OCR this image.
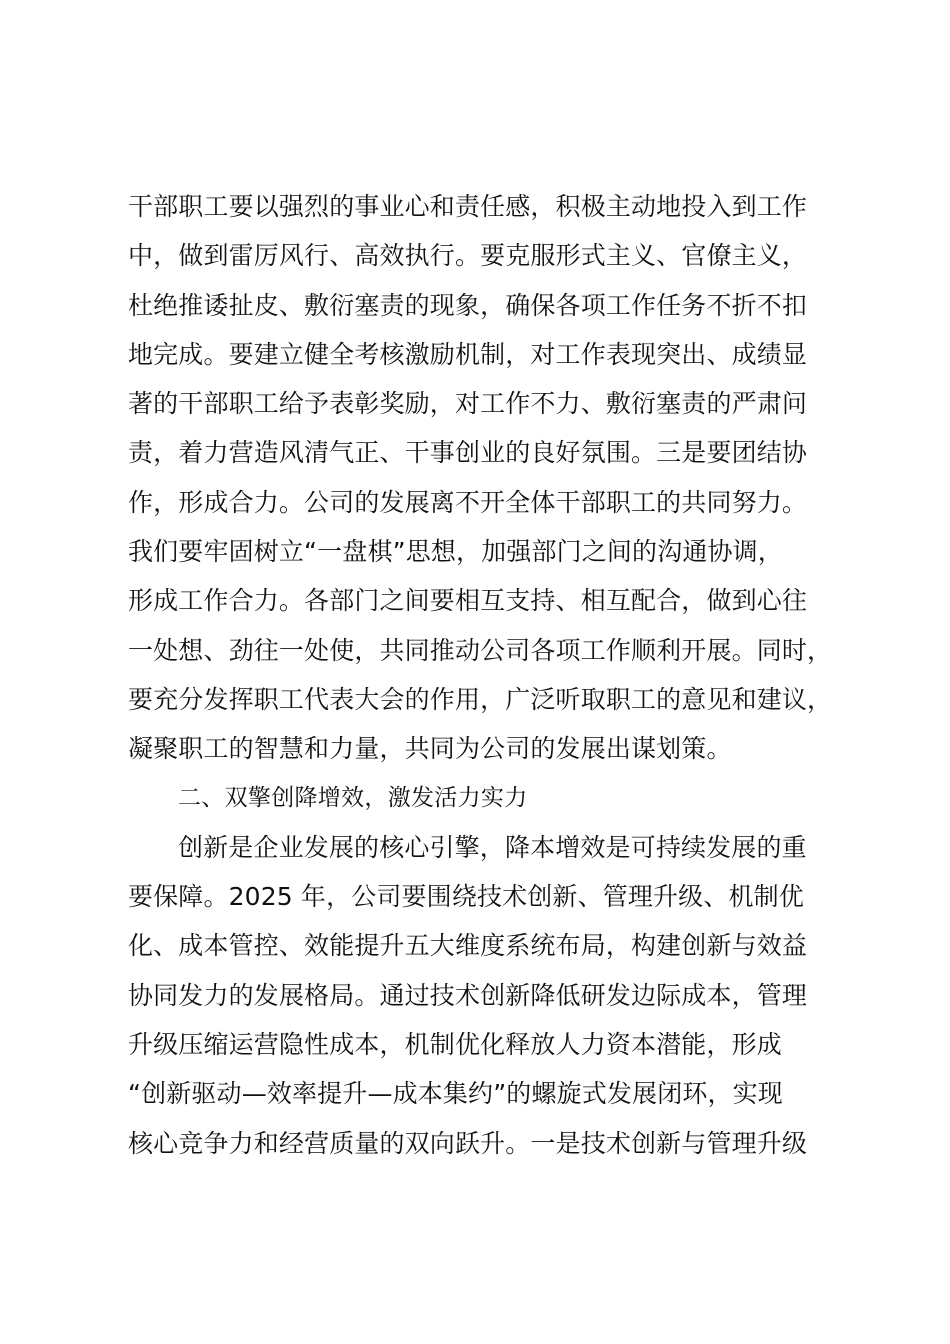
干部职工要以强烈的事业心和责任感，积极主动地投入到工作
中，做到雷厉风行、高效执行。要克服形式主义、官僚主义，
杜绝推诿扯皮、敷衍塞责的现象，确保各项工作任务不折不扣
地完成。要建立健全考核激励机制，对工作表现突出、成绩显
著的干部职工给予表彰奖励，对工作不力、敷衍塞责的严肃问
责，着力营造风清气正、干事创业的良好氛围。三是要团结协
作，形成合力。公司的发展离不开全体干部职工的共同努力。
我们要牢固树立“一盘棋”思想，加强部门之间的沟通协调，
形成工作合力。各部门之间要相互支持、相互配合，做到心往
一处想、劲往一处使，共同推动公司各项工作顺利开展。同时，
要充分发挥职工代表大会的作用，广泛听取职工的意见和建议，
凝聚职工的智慧和力量，共同为公司的发展出谋划策。
二、双擎创降增效，激发活力实力
创新是企业发展的核心引擎，降本增效是可持续发展的重
要保障。2025 年，公司要围绕技术创新、管理升级、机制优
化、成本管控、效能提升五大维度系统布局，构建创新与效益
协同发力的发展格局。通过技术创新降低研发边际成本，管理
升级压缩运营隐性成本，机制优化释放人力资本潜能，形成
“创新驱动—效率提升—成本集约”的螺旋式发展闭环，实现
核心竞争力和经营质量的双向跃升。一是技术创新与管理升级
